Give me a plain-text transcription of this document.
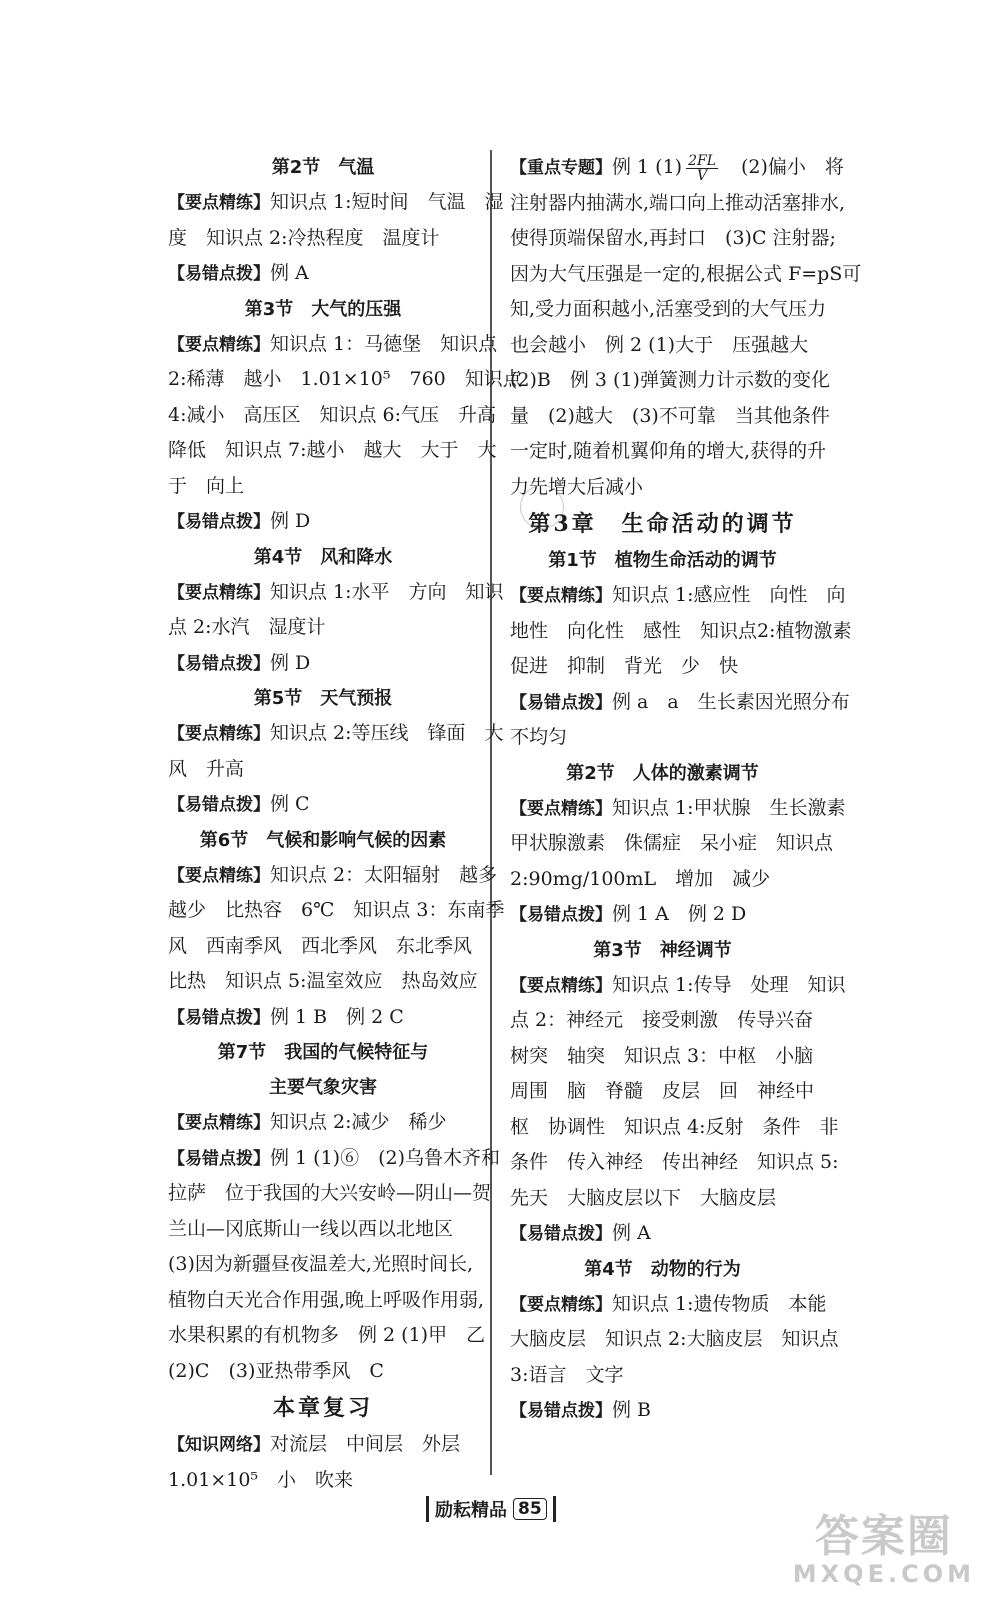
第2节　气温
【要点精练】知识点 1:短时间　气温　湿
度　知识点 2:冷热程度　温度计
【易错点拨】例 A
第3节　大气的压强
【要点精练】知识点 1：马德堡　知识点
2:稀薄　越小　1.01×10⁵　760　知识点
4:减小　高压区　知识点 6:气压　升高
降低　知识点 7:越小　越大　大于　大
于　向上
【易错点拨】例 D
第4节　风和降水
【要点精练】知识点 1:水平　方向　知识
点 2:水汽　湿度计
【易错点拨】例 D
第5节　天气预报
【要点精练】知识点 2:等压线　锋面　大
风　升高
【易错点拨】例 C
第6节　气候和影响气候的因素
【要点精练】知识点 2：太阳辐射　越多
越少　比热容　6℃　知识点 3：东南季
风　西南季风　西北季风　东北季风
比热　知识点 5:温室效应　热岛效应
【易错点拨】例 1 B　例 2 C
第7节　我国的气候特征与
主要气象灾害
【要点精练】知识点 2:减少　稀少
【易错点拨】例 1 (1)⑥　(2)乌鲁木齐和
拉萨　位于我国的大兴安岭—阴山—贺
兰山—冈底斯山一线以西以北地区
(3)因为新疆昼夜温差大,光照时间长,
植物白天光合作用强,晚上呼吸作用弱,
水果积累的有机物多　例 2 (1)甲　乙
(2)C　(3)亚热带季风　C
本章复习
【知识网络】对流层　中间层　外层
1.01×10⁵　小　吹来
【重点专题】例 1 $(1) \frac{2FL}{V}$ 　(2)偏小　将
注射器内抽满水,端口向上推动活塞排水,
使得顶端保留水,再封口　(3)C 注射器;
因为大气压强是一定的,根据公式 F=pS可
知,受力面积越小,活塞受到的大气压力
也会越小　例 2 (1)大于　压强越大
(2)B　例 3 (1)弹簧测力计示数的变化
量　(2)越大　(3)不可靠　当其他条件
一定时,随着机翼仰角的增大,获得的升
力先增大后减小
第3章　生命活动的调节
第1节　植物生命活动的调节
【要点精练】知识点 1:感应性　向性　向
地性　向化性　感性　知识点2:植物激素
促进　抑制　背光　少　快
【易错点拨】例 a　a　生长素因光照分布
不均匀
第2节　人体的激素调节
【要点精练】知识点 1:甲状腺　生长激素
甲状腺激素　侏儒症　呆小症　知识点
2:90mg/100mL　增加　减少
【易错点拨】例 1 A　例 2 D
第3节　神经调节
【要点精练】知识点 1:传导　处理　知识
点 2：神经元　接受刺激　传导兴奋
树突　轴突　知识点 3：中枢　小脑
周围　脑　脊髓　皮层　回　神经中
枢　协调性　知识点 4:反射　条件　非
条件　传入神经　传出神经　知识点 5:
先天　大脑皮层以下　大脑皮层
【易错点拨】例 A
第4节　动物的行为
【要点精练】知识点 1:遗传物质　本能
大脑皮层　知识点 2:大脑皮层　知识点
3:语言　文字
【易错点拨】例 B
励耘精品 85
答案圈
MXQE.COM
